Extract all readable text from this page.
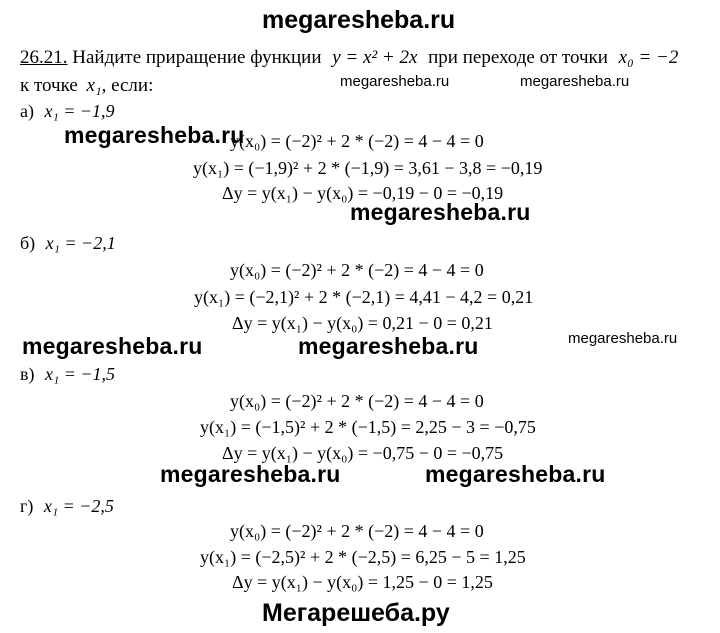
megaresheba.ru
26.21. Найдите приращение функции y = x² + 2x при переходе от точки x₀ = −2
к точке x₁, если:	megaresheba.ru	megaresheba.ru
а) x₁ = −1,9
megaresheba.ru
y(x₀) = (−2)² + 2 * (−2) = 4 − 4 = 0
y(x₁) = (−1,9)² + 2 * (−1,9) = 3,61 − 3,8 = −0,19
Δy = y(x₁) − y(x₀) = −0,19 − 0 = −0,19
megaresheba.ru
б) x₁ = −2,1
y(x₀) = (−2)² + 2 * (−2) = 4 − 4 = 0
y(x₁) = (−2,1)² + 2 * (−2,1) = 4,41 − 4,2 = 0,21
Δy = y(x₁) − y(x₀) = 0,21 − 0 = 0,21
megaresheba.ru	megaresheba.ru	megaresheba.ru
в) x₁ = −1,5
y(x₀) = (−2)² + 2 * (−2) = 4 − 4 = 0
y(x₁) = (−1,5)² + 2 * (−1,5) = 2,25 − 3 = −0,75
Δy = y(x₁) − y(x₀) = −0,75 − 0 = −0,75
megaresheba.ru	megaresheba.ru
г) x₁ = −2,5
y(x₀) = (−2)² + 2 * (−2) = 4 − 4 = 0
y(x₁) = (−2,5)² + 2 * (−2,5) = 6,25 − 5 = 1,25
Δy = y(x₁) − y(x₀) = 1,25 − 0 = 1,25
Мегарешеба.ру
